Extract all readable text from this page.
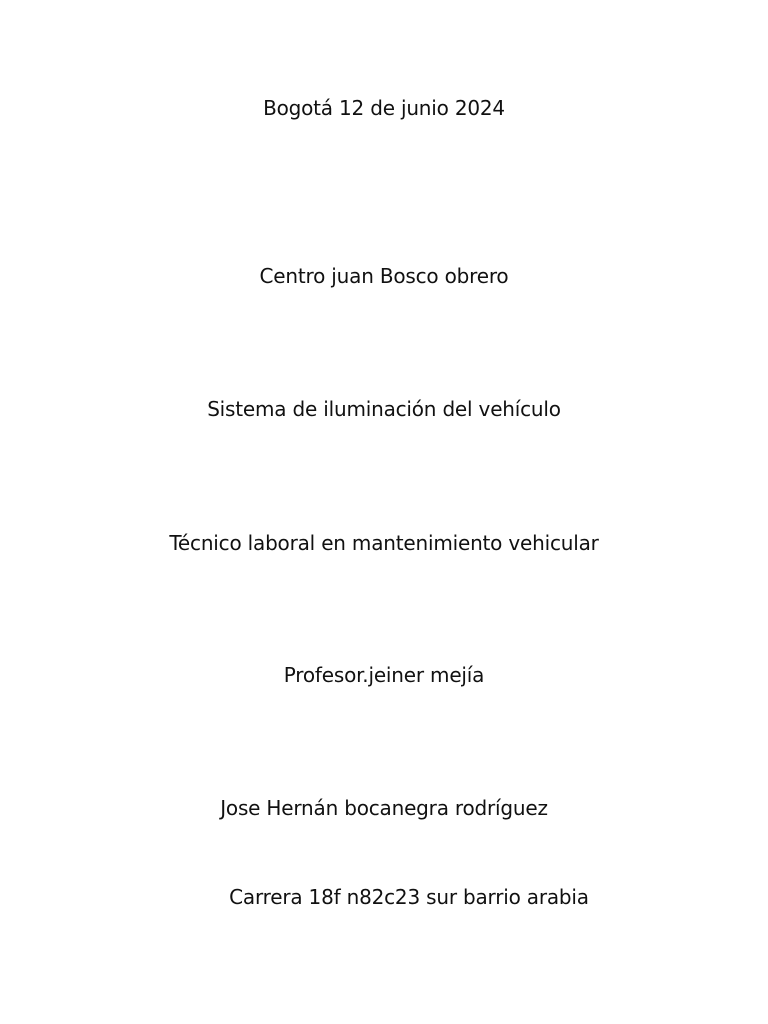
Bogotá 12 de junio 2024
Centro juan Bosco obrero
Sistema de iluminación del vehículo
Técnico laboral en mantenimiento vehicular
Profesor.jeiner mejía
Jose Hernán bocanegra rodríguez
Carrera 18f n82c23 sur barrio arabia
